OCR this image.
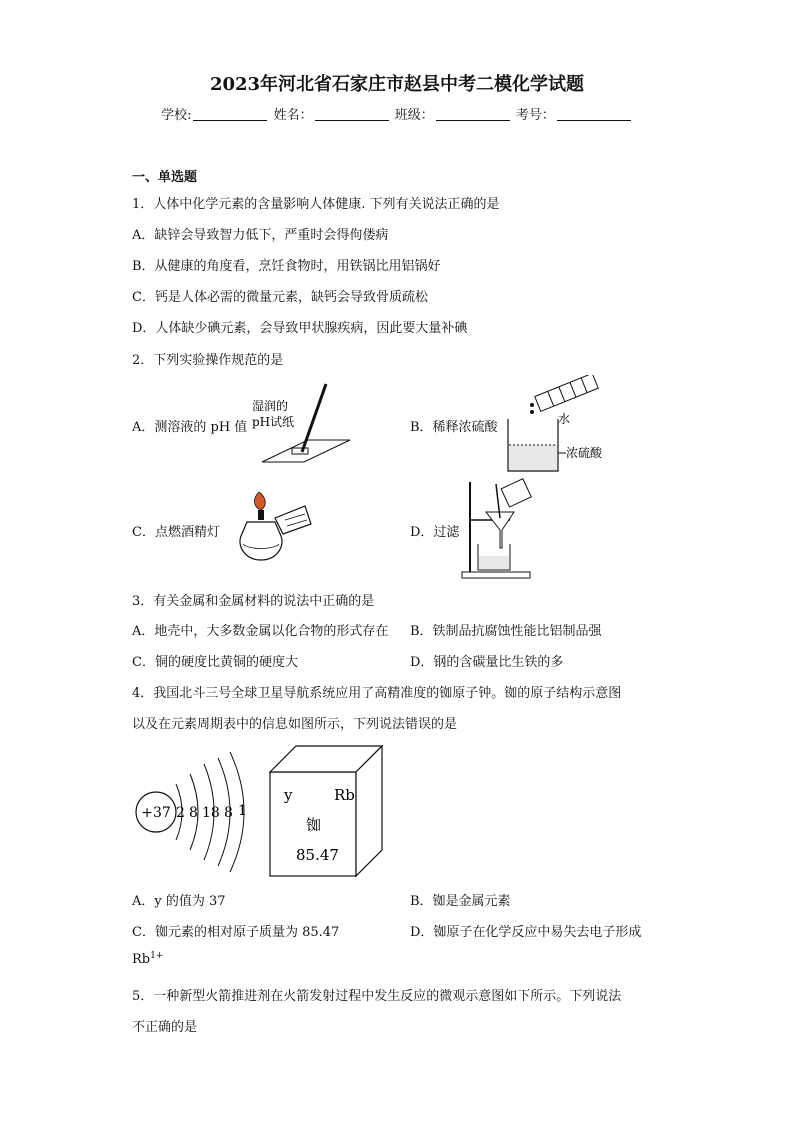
2023年河北省石家庄市赵县中考二模化学试题
学校:	姓名：	班级：	考号：
一、单选题
1．人体中化学元素的含量影响人体健康. 下列有关说法正确的是
A．缺锌会导致智力低下，严重时会得佝偻病
B．从健康的角度看，烹饪食物时，用铁锅比用铝锅好
C．钙是人体必需的微量元素，缺钙会导致骨质疏松
D．人体缺少碘元素，会导致甲状腺疾病，因此要大量补碘
2．下列实验操作规范的是
A．测溶液的 pH 值
湿润的
pH试纸	B．稀释浓硫酸
水
浓硫酸
C．点燃酒精灯	D．过滤
3．有关金属和金属材料的说法中正确的是
A．地壳中，大多数金属以化合物的形式存在 B．铁制品抗腐蚀性能比铝制品强
C．铜的硬度比黄铜的硬度大	D．钢的含碳量比生铁的多
4．我国北斗三号全球卫星导航系统应用了高精准度的铷原子钟。铷的原子结构示意图
以及在元素周期表中的信息如图所示，下列说法错误的是
+37 2 8 18 8 1
y	Rb
铷
85.47
A．y 的值为 37	B．铷是金属元素
C．铷元素的相对原子质量为 85.47	D．铷原子在化学反应中易失去电子形成
$Rb^{1+}$
5．一种新型火箭推进剂在火箭发射过程中发生反应的微观示意图如下所示。下列说法
不正确的是
